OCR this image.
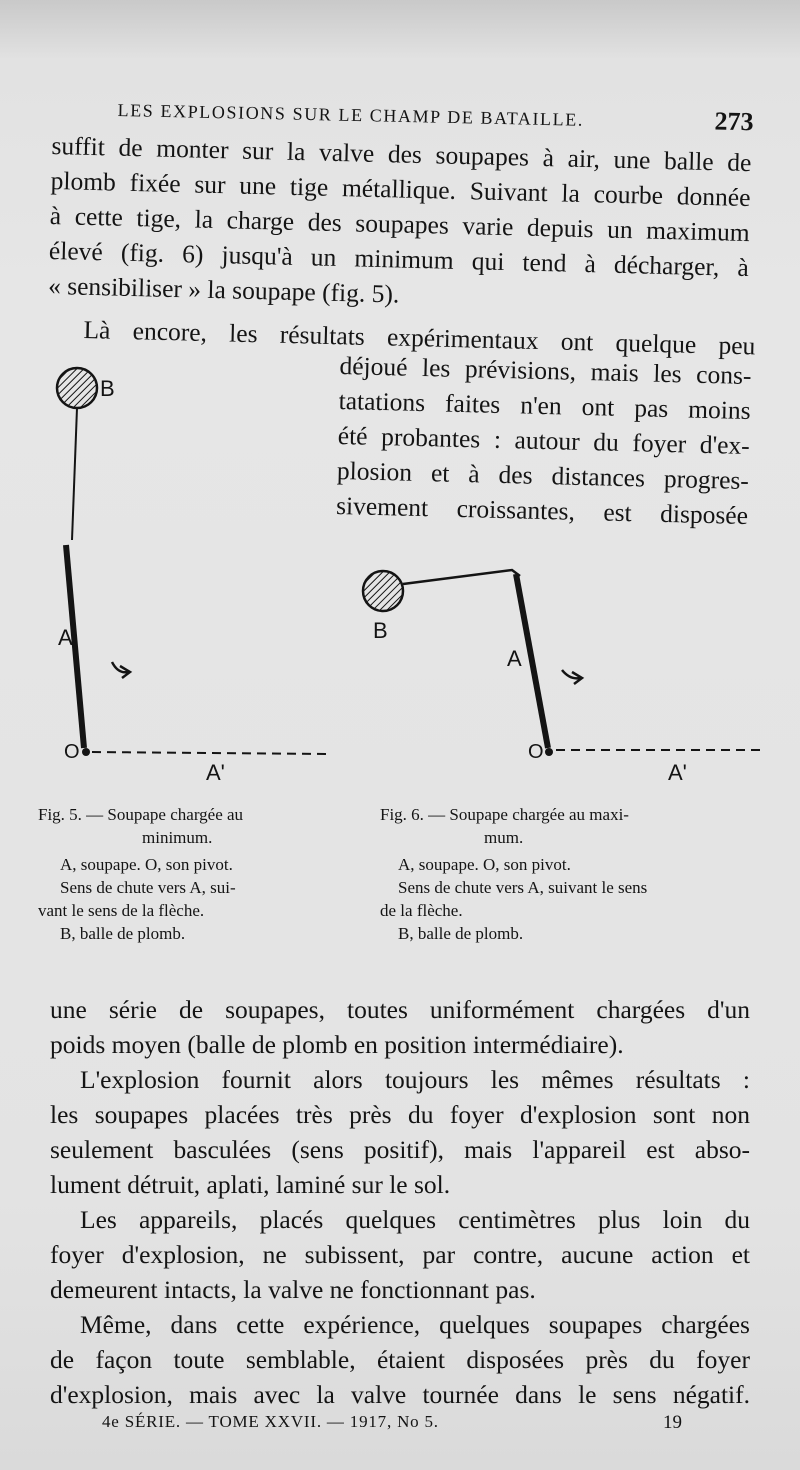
LES EXPLOSIONS SUR LE CHAMP DE BATAILLE.	273
suffit de monter sur la valve des soupapes à air, une balle de
plomb fixée sur une tige métallique. Suivant la courbe donnée
à cette tige, la charge des soupapes varie depuis un maximum
élevé (fig. 6) jusqu'à un minimum qui tend à décharger, à
« sensibiliser » la soupape (fig. 5).
Là encore, les résultats expérimentaux ont quelque peu
déjoué les prévisions, mais les cons-
tatations faites n'en ont pas moins
été probantes : autour du foyer d'ex-
plosion et à des distances progres-
sivement croissantes, est disposée
B
A
O
A'
B
A
O
A'
Fig. 5. — Soupape chargée au
minimum.
A, soupape. O, son pivot.
Sens de chute vers A, sui-
vant le sens de la flèche.
B, balle de plomb.
Fig. 6. — Soupape chargée au maxi-
mum.
A, soupape. O, son pivot.
Sens de chute vers A, suivant le sens
de la flèche.
B, balle de plomb.
une série de soupapes, toutes uniformément chargées d'un
poids moyen (balle de plomb en position intermédiaire).
L'explosion fournit alors toujours les mêmes résultats :
les soupapes placées très près du foyer d'explosion sont non
seulement basculées (sens positif), mais l'appareil est abso-
lument détruit, aplati, laminé sur le sol.
Les appareils, placés quelques centimètres plus loin du
foyer d'explosion, ne subissent, par contre, aucune action et
demeurent intacts, la valve ne fonctionnant pas.
Même, dans cette expérience, quelques soupapes chargées
de façon toute semblable, étaient disposées près du foyer
d'explosion, mais avec la valve tournée dans le sens négatif.
4e SÉRIE. — TOME XXVII. — 1917, No 5.	19
